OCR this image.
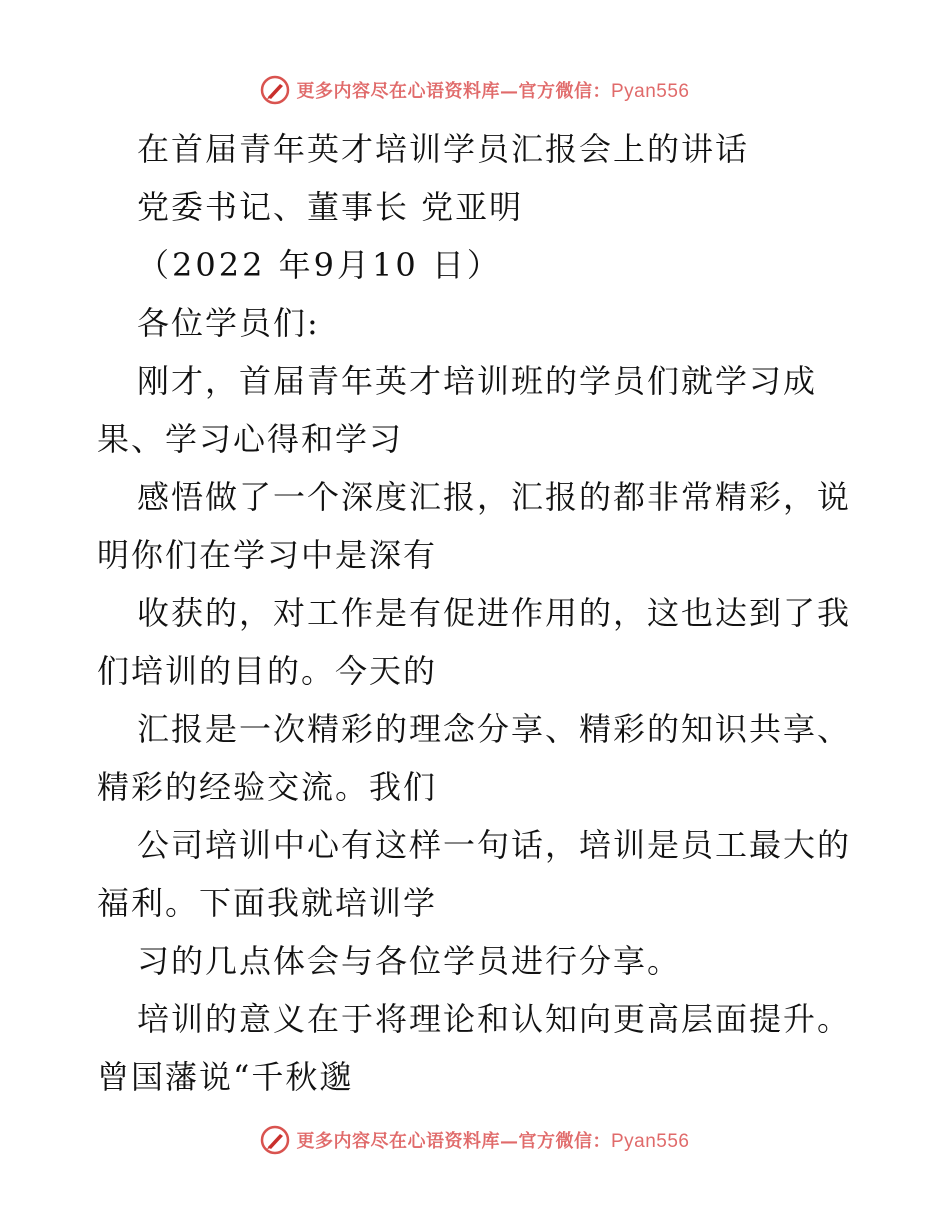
更多内容尽在心语资料库—官方微信：Pyan556
在首届青年英才培训学员汇报会上的讲话
党委书记、董事长 党亚明
（2022 年9月10 日）
各位学员们:
刚才，首届青年英才培训班的学员们就学习成
果、学习心得和学习
感悟做了一个深度汇报，汇报的都非常精彩，说
明你们在学习中是深有
收获的，对工作是有促进作用的，这也达到了我
们培训的目的。今天的
汇报是一次精彩的理念分享、精彩的知识共享、
精彩的经验交流。我们
公司培训中心有这样一句话，培训是员工最大的
福利。下面我就培训学
习的几点体会与各位学员进行分享。
培训的意义在于将理论和认知向更高层面提升。
曾国藩说“千秋邈
更多内容尽在心语资料库—官方微信：Pyan556
